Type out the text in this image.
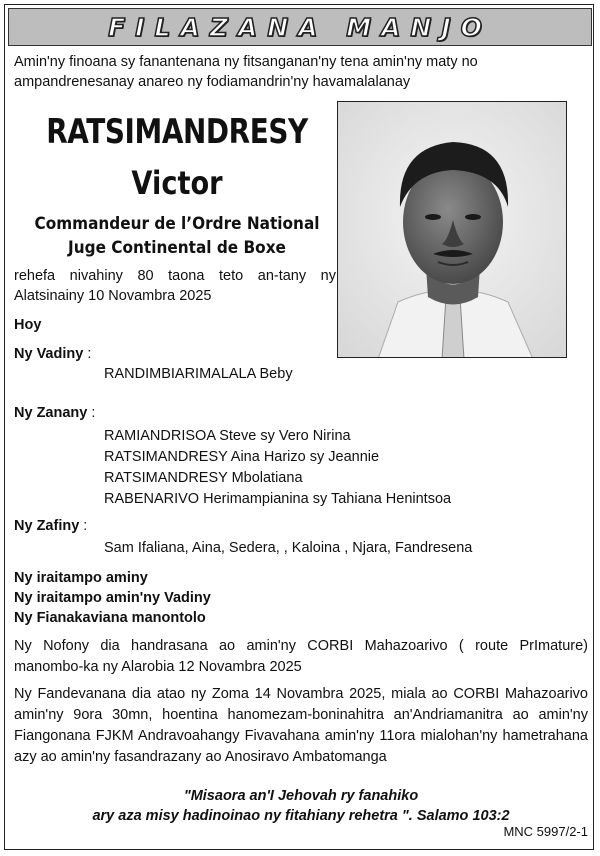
FILAZANA MANJO
Amin'ny finoana sy fanantenana ny fitsanganan'ny tena amin'ny maty no ampandrenesanay anareo ny fodiamandrin'ny havamalalanay
RATSIMANDRESY
Victor
Commandeur de l’Ordre National
Juge Continental de Boxe
rehefa nivahiny 80 taona teto an-tany ny
Alatsinainy 10 Novambra 2025
Hoy
Ny Vadiny :
RANDIMBIARIMALALA Beby
Ny Zanany :
RAMIANDRISOA Steve sy Vero Nirina
RATSIMANDRESY Aina Harizo sy Jeannie
RATSIMANDRESY Mbolatiana
RABENARIVO Herimampianina sy Tahiana Henintsoa
Ny Zafiny :
Sam Ifaliana, Aina, Sedera, , Kaloina , Njara, Fandresena
Ny iraitampo aminy
Ny iraitampo amin'ny Vadiny
Ny Fianakaviana manontolo
Ny Nofony dia handrasana ao amin'ny CORBI Mahazoarivo ( route PrImature) manombo-ka ny Alarobia 12 Novambra 2025
Ny Fandevanana dia atao ny Zoma 14 Novambra 2025, miala ao CORBI Mahazoarivo amin'ny 9ora 30mn, hoentina hanomezam-boninahitra an'Andriamanitra ao amin'ny Fiangonana FJKM Andravoahangy Fivavahana amin'ny 11ora mialohan'ny hametrahana azy ao amin'ny fasandrazany ao Anosiravo Ambatomanga
"Misaora an'I Jehovah ry fanahiko
ary aza misy hadinoinao ny fitahiany rehetra ". Salamo 103:2
MNC 5997/2-1
